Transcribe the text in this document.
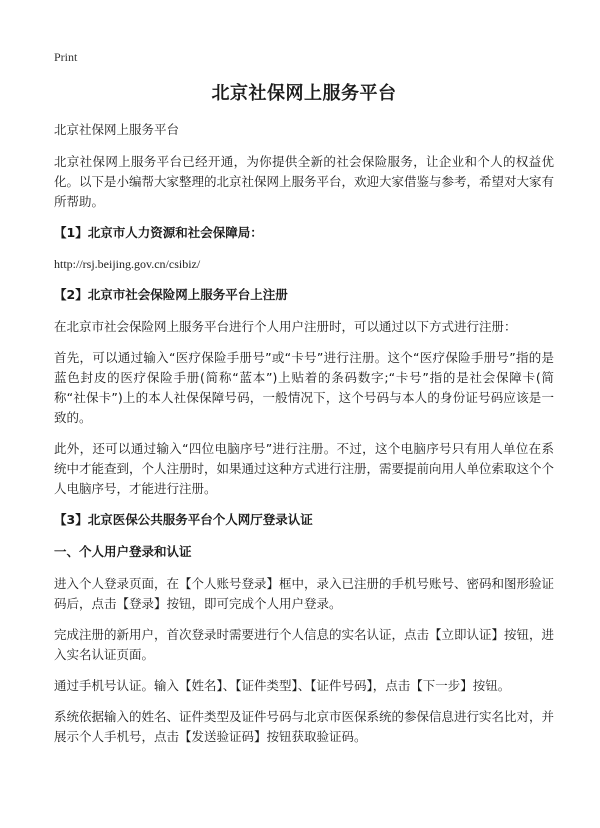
Print
北京社保网上服务平台

北京社保网上服务平台

北京社保网上服务平台已经开通，为你提供全新的社会保险服务，让企业和个人的权益优化。以下是小编帮大家整理的北京社保网上服务平台，欢迎大家借鉴与参考，希望对大家有所帮助。

【1】北京市人力资源和社会保障局：

http://rsj.beijing.gov.cn/csibiz/

【2】北京市社会保险网上服务平台上注册

在北京市社会保险网上服务平台进行个人用户注册时，可以通过以下方式进行注册：

首先，可以通过输入“医疗保险手册号”或“卡号”进行注册。这个“医疗保险手册号”指的是蓝色封皮的医疗保险手册(简称“蓝本”)上贴着的条码数字;“卡号”指的是社会保障卡(简称“社保卡”)上的本人社保保障号码，一般情况下，这个号码与本人的身份证号码应该是一致的。

此外，还可以通过输入“四位电脑序号”进行注册。不过，这个电脑序号只有用人单位在系统中才能查到，个人注册时，如果通过这种方式进行注册，需要提前向用人单位索取这个个人电脑序号，才能进行注册。

【3】北京医保公共服务平台个人网厅登录认证

一、个人用户登录和认证

进入个人登录页面，在【个人账号登录】框中，录入已注册的手机号账号、密码和图形验证码后，点击【登录】按钮，即可完成个人用户登录。

完成注册的新用户，首次登录时需要进行个人信息的实名认证，点击【立即认证】按钮，进入实名认证页面。

通过手机号认证。输入【姓名】、【证件类型】、【证件号码】，点击【下一步】按钮。

系统依据输入的姓名、证件类型及证件号码与北京市医保系统的参保信息进行实名比对，并展示个人手机号，点击【发送验证码】按钮获取验证码。
